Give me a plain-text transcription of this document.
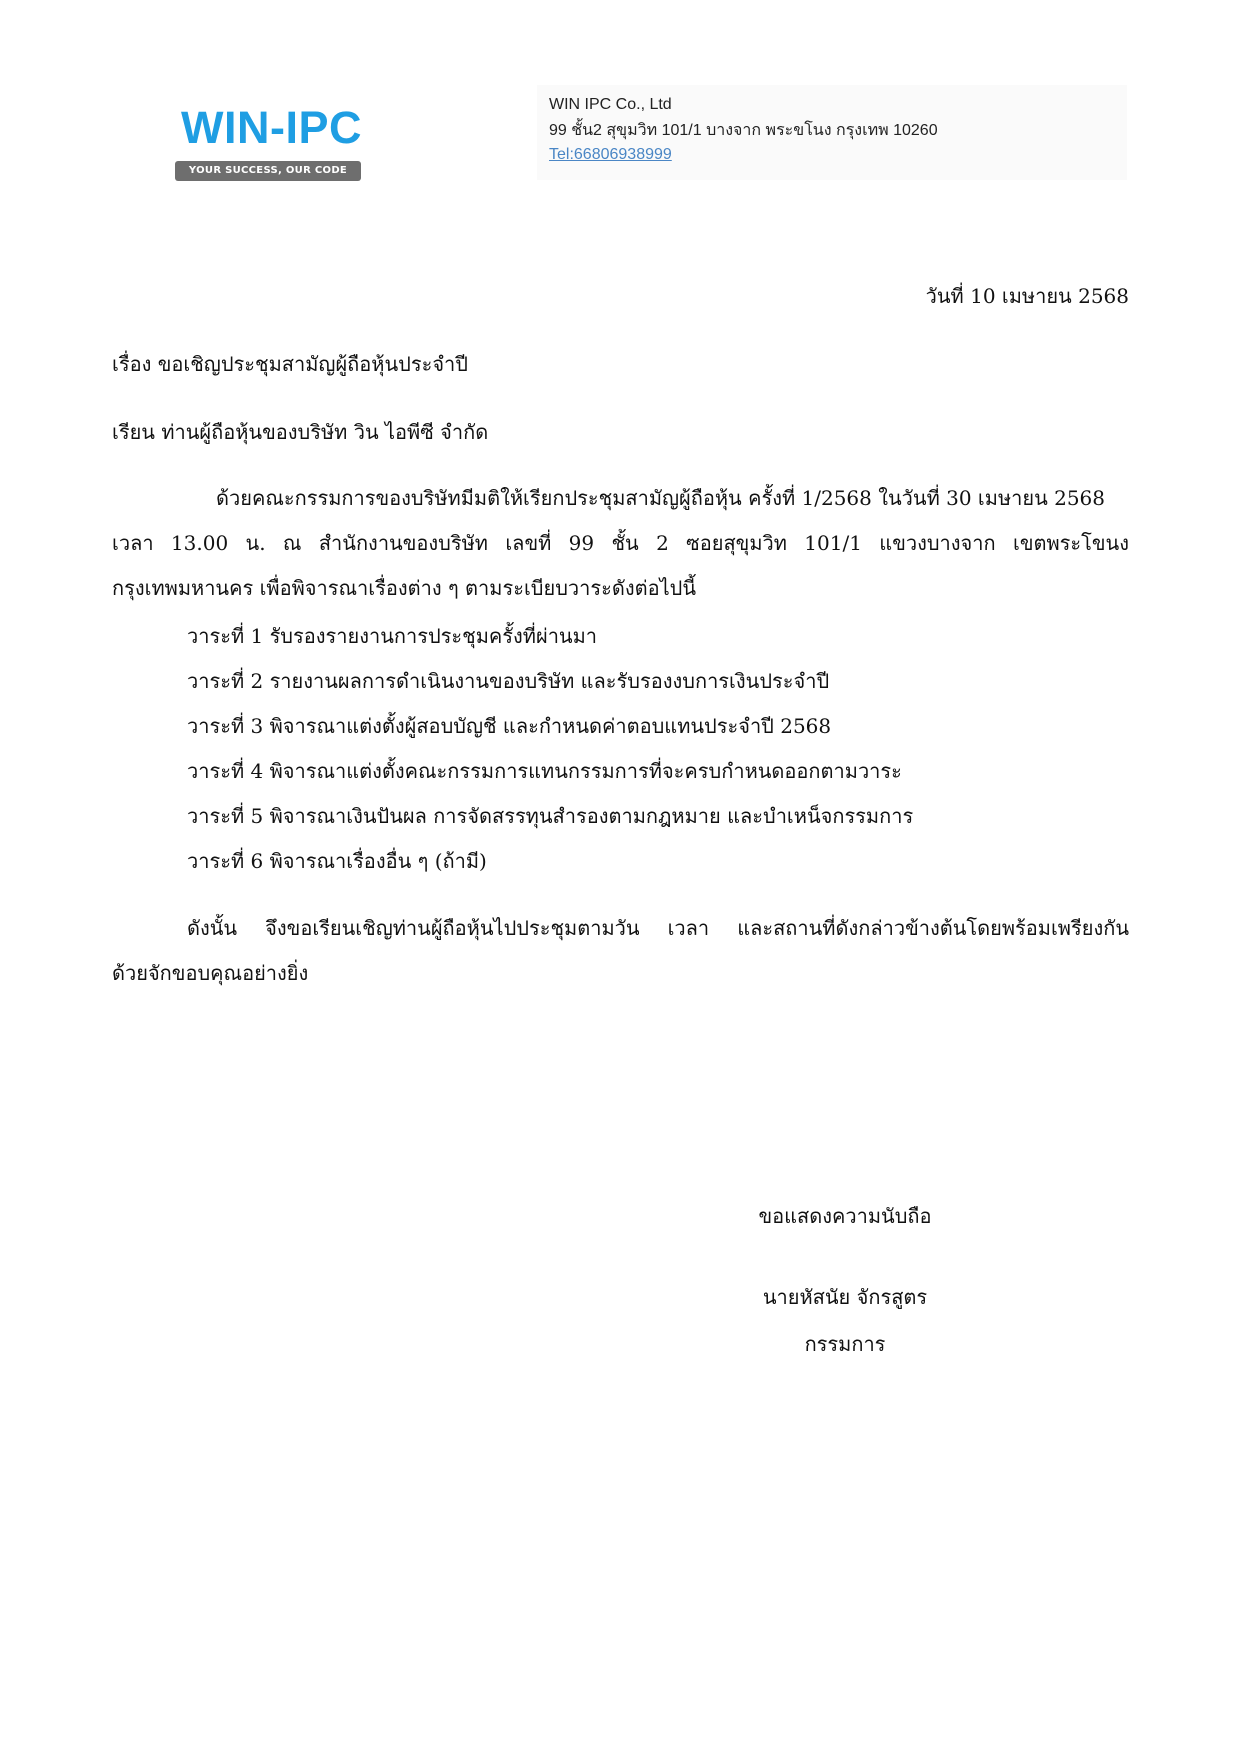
WIN-IPC
YOUR SUCCESS, OUR CODE
WIN IPC Co., Ltd
99 ชั้น2 สุขุมวิท 101/1 บางจาก พระขโนง กรุงเทพ 10260
Tel:66806938999
วันที่ 10 เมษายน 2568
เรื่อง ขอเชิญประชุมสามัญผู้ถือหุ้นประจำปี
เรียน ท่านผู้ถือหุ้นของบริษัท วิน ไอพีซี จำกัด
ด้วยคณะกรรมการของบริษัทมีมติให้เรียกประชุมสามัญผู้ถือหุ้น ครั้งที่ 1/2568 ในวันที่ 30 เมษายน 2568
เวลา 13.00 น. ณ สำนักงานของบริษัท เลขที่ 99 ชั้น 2 ซอยสุขุมวิท 101/1 แขวงบางจาก เขตพระโขนง
กรุงเทพมหานคร เพื่อพิจารณาเรื่องต่าง ๆ ตามระเบียบวาระดังต่อไปนี้
วาระที่ 1 รับรองรายงานการประชุมครั้งที่ผ่านมา
วาระที่ 2 รายงานผลการดำเนินงานของบริษัท และรับรองงบการเงินประจำปี
วาระที่ 3 พิจารณาแต่งตั้งผู้สอบบัญชี และกำหนดค่าตอบแทนประจำปี 2568
วาระที่ 4 พิจารณาแต่งตั้งคณะกรรมการแทนกรรมการที่จะครบกำหนดออกตามวาระ
วาระที่ 5 พิจารณาเงินปันผล การจัดสรรทุนสำรองตามกฎหมาย และบำเหน็จกรรมการ
วาระที่ 6 พิจารณาเรื่องอื่น ๆ (ถ้ามี)
ดังนั้น จึงขอเรียนเชิญท่านผู้ถือหุ้นไปประชุมตามวัน เวลา และสถานที่ดังกล่าวข้างต้นโดยพร้อมเพรียงกัน
ด้วยจักขอบคุณอย่างยิ่ง
ขอแสดงความนับถือ
นายหัสนัย จักรสูตร
กรรมการ
